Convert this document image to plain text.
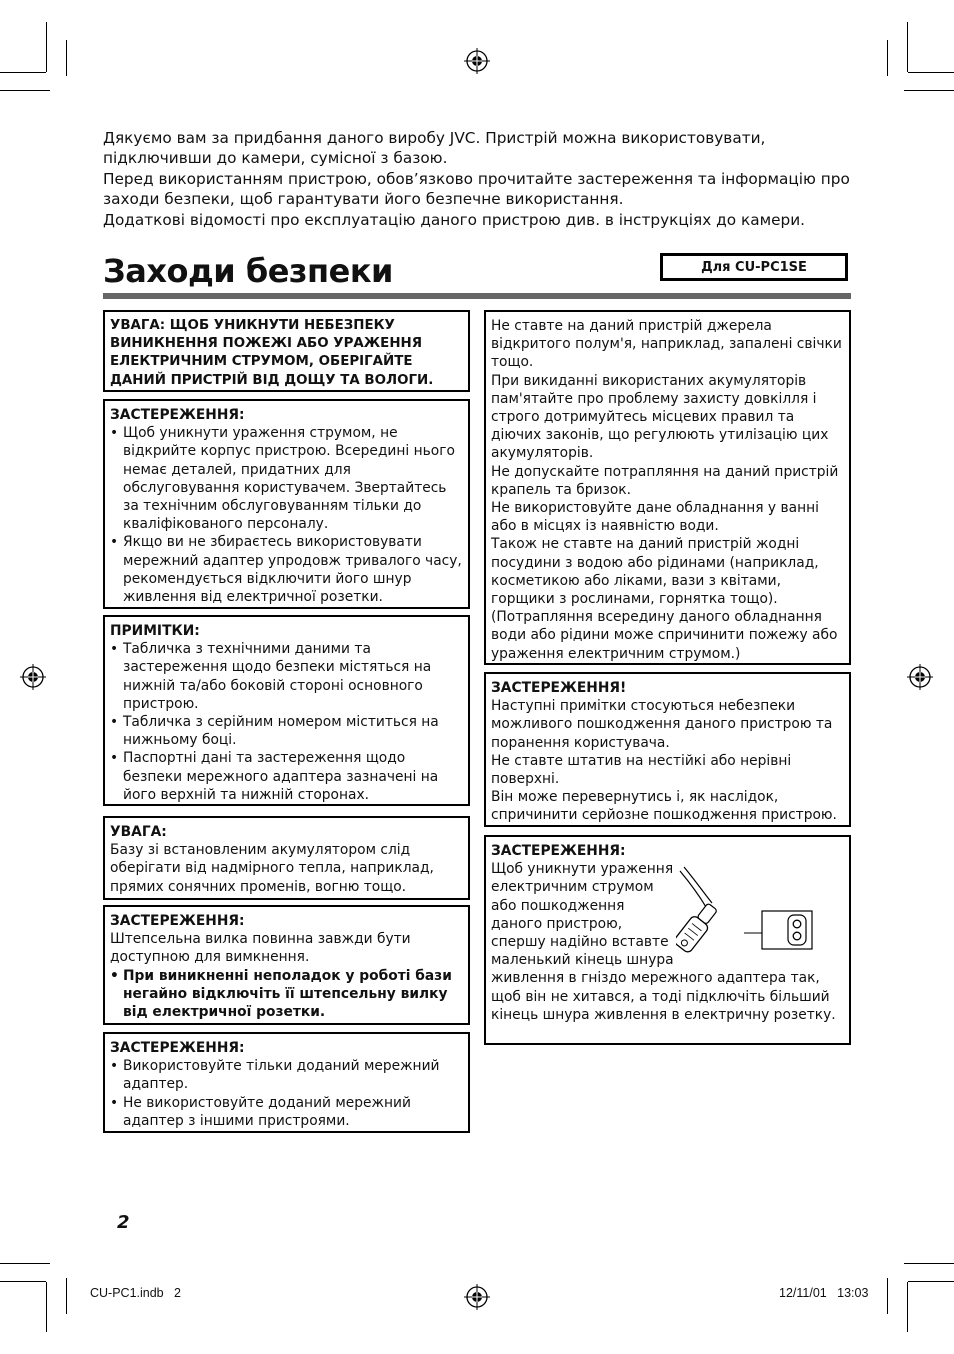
Дякуємо вам за придбання даного виробу JVC. Пристрій можна використовувати,

підключивши до камери, сумісної з базою.

Перед використанням пристрою, обов’язково прочитайте застереження та інформацію про

заходи безпеки, щоб гарантувати його безпечне використання.

Додаткові відомості про експлуатацію даного пристрою див. в інструкціях до камери.

Заходи безпеки	Для CU-PC1SE
УВАГА: ЩОБ УНИКНУТИ НЕБЕЗПЕКУ
ВИНИКНЕННЯ ПОЖЕЖІ АБО УРАЖЕННЯ
ЕЛЕКТРИЧНИМ СТРУМОМ, ОБЕРІГАЙТЕ
ДАНИЙ ПРИСТРІЙ ВІД ДОЩУ ТА ВОЛОГИ.
ЗАСТЕРЕЖЕННЯ:
• Щоб уникнути ураження струмом, не відкрийте корпус пристрою. Всередині нього немає деталей, придатних для обслуговування користувачем. Звертайтесь за технічним обслуговуванням тільки до кваліфікованого персоналу.
• Якщо ви не збираєтесь використовувати мережний адаптер упродовж тривалого часу, рекомендується відключити його шнур живлення від електричної розетки.
ПРИМІТКИ:
• Табличка з технічними даними та застереження щодо безпеки містяться на нижній та/або боковій стороні основного пристрою.
• Табличка з серійним номером міститься на нижньому боці.
• Паспортні дані та застереження щодо безпеки мережного адаптера зазначені на його верхній та нижній сторонах.
УВАГА:

Базу зі встановленим акумулятором слід оберігати від надмірного тепла, наприклад, прямих сонячних променів, вогню тощо.

ЗАСТЕРЕЖЕННЯ:

Штепсельна вилка повинна завжди бути доступною для вимкнення.

• При виникненні неполадок у роботі бази негайно відключіть її штепсельну вилку від електричної розетки.
ЗАСТЕРЕЖЕННЯ:
• Використовуйте тільки доданий мережний адаптер.
• Не використовуйте доданий мережний адаптер з іншими пристроями.

Не ставте на даний пристрій джерела відкритого полум'я, наприклад, запалені свічки тощо.

При викиданні використаних акумуляторів пам'ятайте про проблему захисту довкілля і строго дотримуйтесь місцевих правил та діючих законів, що регулюють утилізацію цих акумуляторів.

Не допускайте потрапляння на даний пристрій крапель та бризок.

Не використовуйте дане обладнання у ванні або в місцях із наявністю води.

Також не ставте на даний пристрій жодні посудини з водою або рідинами (наприклад, косметикою або ліками, вази з квітами, горщики з рослинами, горнятка тощо). (Потрапляння всередину даного обладнання води або рідини може спричинити пожежу або ураження електричним струмом.)

ЗАСТЕРЕЖЕННЯ!

Наступні примітки стосуються небезпеки можливого пошкодження даного пристрою та поранення користувача.

Не ставте штатив на нестійкі або нерівні поверхні.

Він може перевернутись і, як наслідок, спричинити серйозне пошкодження пристрою.

ЗАСТЕРЕЖЕННЯ:
Щоб уникнути ураження
електричним струмом
або пошкодження
даного пристрою,
спершу надійно вставте
маленький кінець шнура
живлення в гніздо мережного адаптера так,
щоб він не хитався, а тоді підключіть більший
кінець шнура живлення в електричну розетку.
2
CU-PC1.indb   2	12/11/01   13:03
